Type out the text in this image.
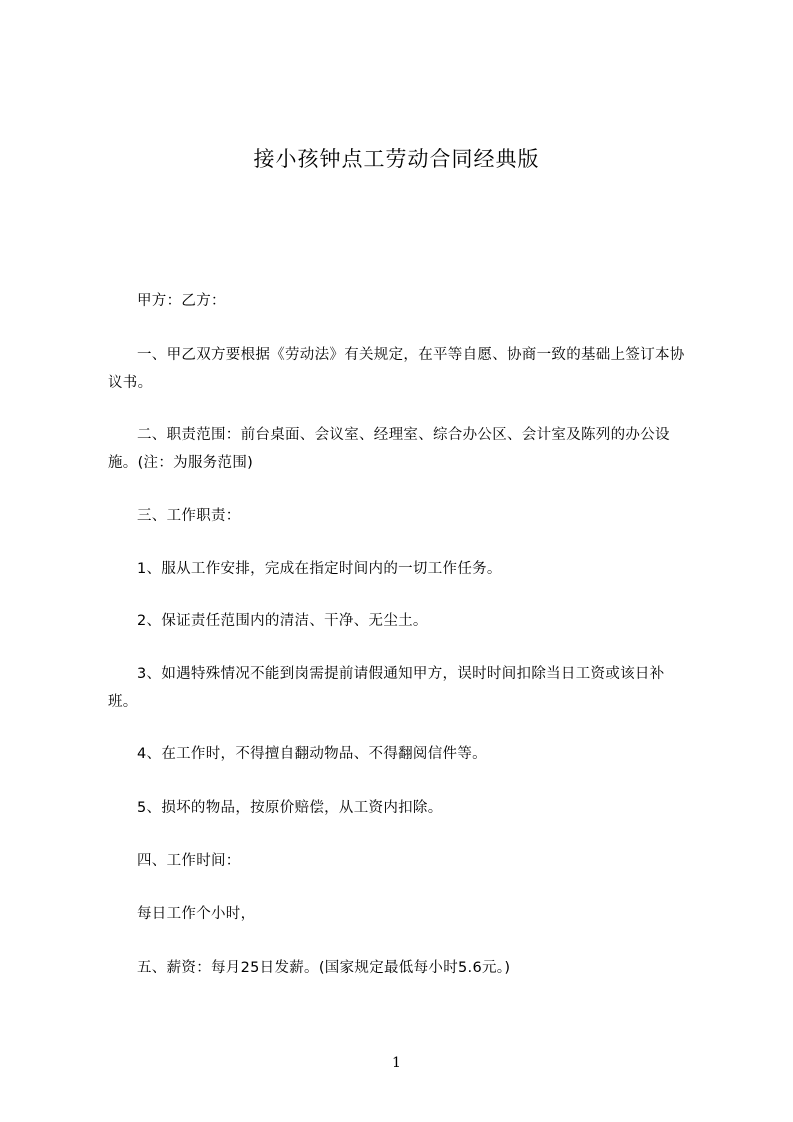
接小孩钟点工劳动合同经典版
甲方：乙方：
一、甲乙双方要根据《劳动法》有关规定，在平等自愿、协商一致的基础上签订本协议书。
二、职责范围：前台桌面、会议室、经理室、综合办公区、会计室及陈列的办公设施。(注：为服务范围)
三、工作职责：
1、服从工作安排，完成在指定时间内的一切工作任务。
2、保证责任范围内的清洁、干净、无尘土。
3、如遇特殊情况不能到岗需提前请假通知甲方，误时时间扣除当日工资或该日补班。
4、在工作时，不得擅自翻动物品、不得翻阅信件等。
5、损坏的物品，按原价赔偿，从工资内扣除。
四、工作时间：
每日工作个小时，
五、薪资：每月25日发薪。(国家规定最低每小时5.6元。)
1
